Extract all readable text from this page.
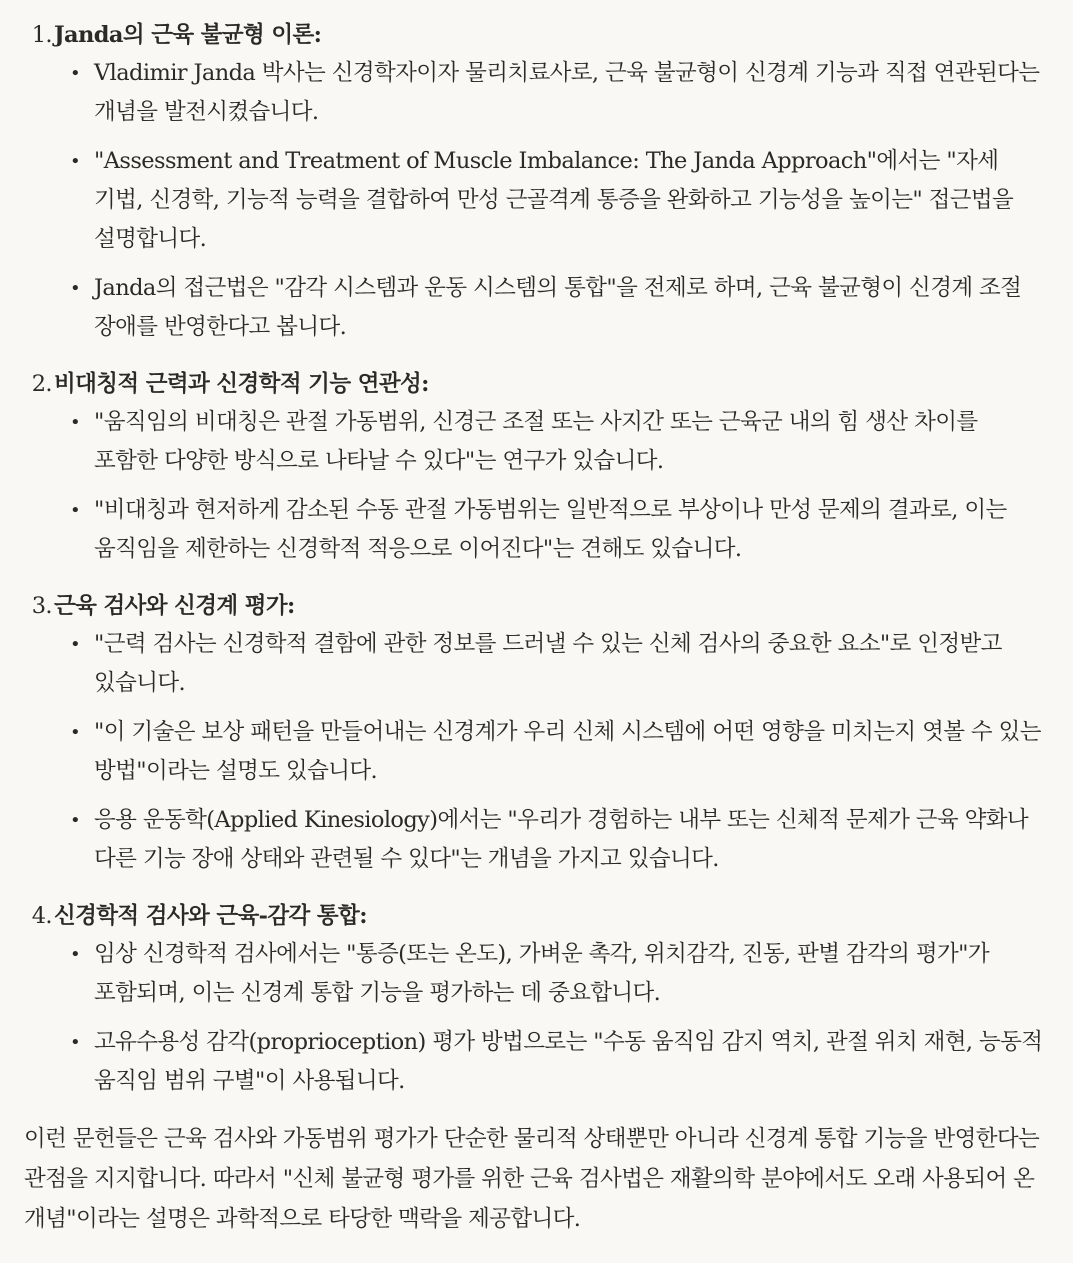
1. Janda의 근육 불균형 이론:
• Vladimir Janda 박사는 신경학자이자 물리치료사로, 근육 불균형이 신경계 기능과 직접 연관된다는 개념을 발전시켰습니다.
• "Assessment and Treatment of Muscle Imbalance: The Janda Approach"에서는 "자세 기법, 신경학, 기능적 능력을 결합하여 만성 근골격계 통증을 완화하고 기능성을 높이는" 접근법을 설명합니다.
• Janda의 접근법은 "감각 시스템과 운동 시스템의 통합"을 전제로 하며, 근육 불균형이 신경계 조절 장애를 반영한다고 봅니다.
2. 비대칭적 근력과 신경학적 기능 연관성:
• "움직임의 비대칭은 관절 가동범위, 신경근 조절 또는 사지간 또는 근육군 내의 힘 생산 차이를 포함한 다양한 방식으로 나타날 수 있다"는 연구가 있습니다.
• "비대칭과 현저하게 감소된 수동 관절 가동범위는 일반적으로 부상이나 만성 문제의 결과로, 이는 움직임을 제한하는 신경학적 적응으로 이어진다"는 견해도 있습니다.
3. 근육 검사와 신경계 평가:
• "근력 검사는 신경학적 결함에 관한 정보를 드러낼 수 있는 신체 검사의 중요한 요소"로 인정받고 있습니다.
• "이 기술은 보상 패턴을 만들어내는 신경계가 우리 신체 시스템에 어떤 영향을 미치는지 엿볼 수 있는 방법"이라는 설명도 있습니다.
• 응용 운동학(Applied Kinesiology)에서는 "우리가 경험하는 내부 또는 신체적 문제가 근육 약화나 다른 기능 장애 상태와 관련될 수 있다"는 개념을 가지고 있습니다.
4. 신경학적 검사와 근육-감각 통합:
• 임상 신경학적 검사에서는 "통증(또는 온도), 가벼운 촉각, 위치감각, 진동, 판별 감각의 평가"가 포함되며, 이는 신경계 통합 기능을 평가하는 데 중요합니다.
• 고유수용성 감각(proprioception) 평가 방법으로는 "수동 움직임 감지 역치, 관절 위치 재현, 능동적 움직임 범위 구별"이 사용됩니다.

이런 문헌들은 근육 검사와 가동범위 평가가 단순한 물리적 상태뿐만 아니라 신경계 통합 기능을 반영한다는 관점을 지지합니다. 따라서 "신체 불균형 평가를 위한 근육 검사법은 재활의학 분야에서도 오래 사용되어 온 개념"이라는 설명은 과학적으로 타당한 맥락을 제공합니다.
